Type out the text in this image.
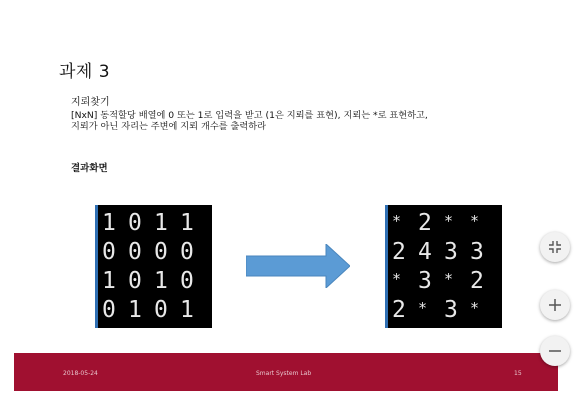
과제 3
지뢰찾기
[NxN] 동적할당 배열에 0 또는 1로 입력을 받고 (1은 지뢰를 표현), 지뢰는 *로 표현하고,
지뢰가 아닌 자리는 주변에 지뢰 개수를 출력하라
결과화면
1 0 1 1
0 0 0 0
1 0 1 0
0 1 0 1
* 2 * *
2 4 3 3
* 3 * 2
2 * 3 *
2018-05-24	Smart System Lab	15
